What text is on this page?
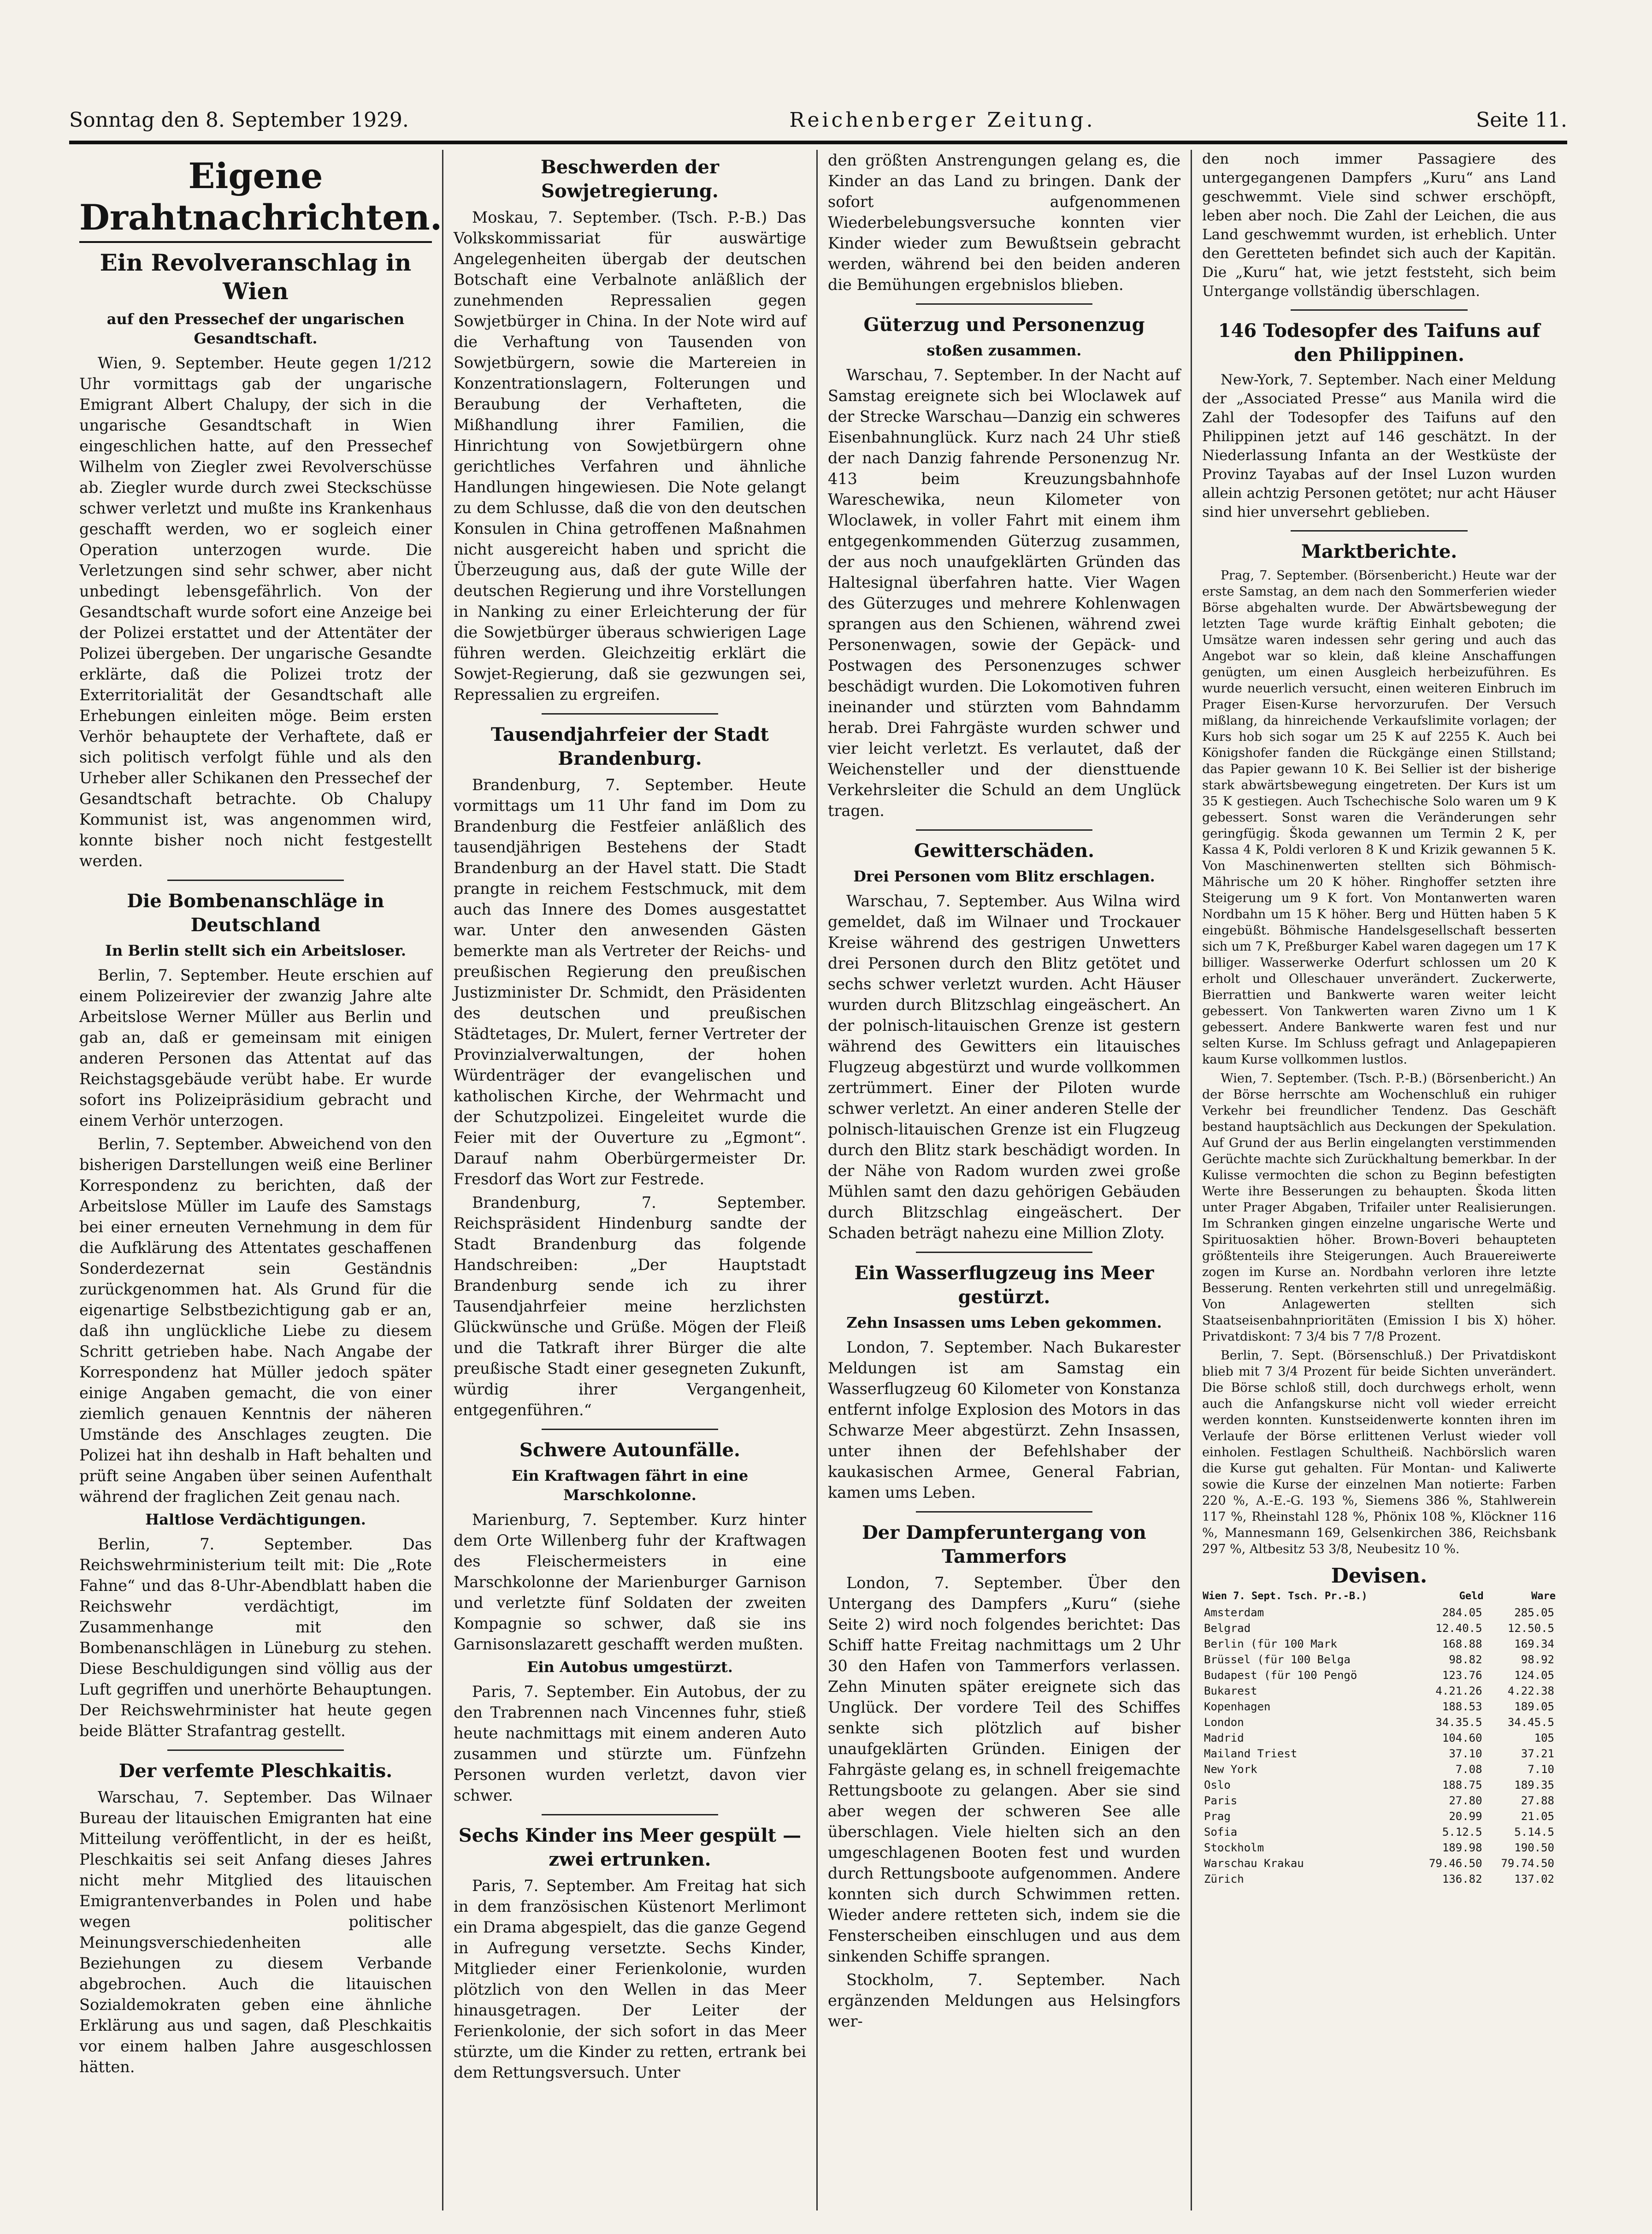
Sonntag den 8. September 1929.	Reichenberger Zeitung.	Seite 11.
Eigene Drahtnachrichten.
Ein Revolveranschlag in Wien
auf den Pressechef der ungarischen Gesandtschaft.

Wien, 9. September. Heute gegen 1/212 Uhr vormittags gab der ungarische Emigrant Albert Chalupy, der sich in die ungarische Gesandtschaft in Wien eingeschlichen hatte, auf den Pressechef Wilhelm von Ziegler zwei Revolverschüsse ab. Ziegler wurde durch zwei Steckschüsse schwer verletzt und mußte ins Krankenhaus geschafft werden, wo er sogleich einer Operation unterzogen wurde. Die Verletzungen sind sehr schwer, aber nicht unbedingt lebensgefährlich. Von der Gesandtschaft wurde sofort eine Anzeige bei der Polizei erstattet und der Attentäter der Polizei übergeben. Der ungarische Gesandte erklärte, daß die Polizei trotz der Exterritorialität der Gesandtschaft alle Erhebungen einleiten möge. Beim ersten Verhör behauptete der Verhaftete, daß er sich politisch verfolgt fühle und als den Urheber aller Schikanen den Pressechef der Gesandtschaft betrachte. Ob Chalupy Kommunist ist, was angenommen wird, konnte bisher noch nicht festgestellt werden.

Die Bombenanschläge in Deutschland
In Berlin stellt sich ein Arbeitsloser.

Berlin, 7. September. Heute erschien auf einem Polizeirevier der zwanzig Jahre alte Arbeitslose Werner Müller aus Berlin und gab an, daß er gemeinsam mit einigen anderen Personen das Attentat auf das Reichstagsgebäude verübt habe. Er wurde sofort ins Polizeipräsidium gebracht und einem Verhör unterzogen.

Berlin, 7. September. Abweichend von den bisherigen Darstellungen weiß eine Berliner Korrespondenz zu berichten, daß der Arbeitslose Müller im Laufe des Samstags bei einer erneuten Vernehmung in dem für die Aufklärung des Attentates geschaffenen Sonderdezernat sein Geständnis zurückgenommen hat. Als Grund für die eigenartige Selbstbezichtigung gab er an, daß ihn unglückliche Liebe zu diesem Schritt getrieben habe. Nach Angabe der Korrespondenz hat Müller jedoch später einige Angaben gemacht, die von einer ziemlich genauen Kenntnis der näheren Umstände des Anschlages zeugten. Die Polizei hat ihn deshalb in Haft behalten und prüft seine Angaben über seinen Aufenthalt während der fraglichen Zeit genau nach.

Haltlose Verdächtigungen.

Berlin, 7. September. Das Reichswehrministerium teilt mit: Die „Rote Fahne“ und das 8-Uhr-Abendblatt haben die Reichswehr verdächtigt, im Zusammenhange mit den Bombenanschlägen in Lüneburg zu stehen. Diese Beschuldigungen sind völlig aus der Luft gegriffen und unerhörte Behauptungen. Der Reichswehrminister hat heute gegen beide Blätter Strafantrag gestellt.

Der verfemte Pleschkaitis.

Warschau, 7. September. Das Wilnaer Bureau der litauischen Emigranten hat eine Mitteilung veröffentlicht, in der es heißt, Pleschkaitis sei seit Anfang dieses Jahres nicht mehr Mitglied des litauischen Emigrantenverbandes in Polen und habe wegen politischer Meinungsverschiedenheiten alle Beziehungen zu diesem Verbande abgebrochen. Auch die litauischen Sozialdemokraten geben eine ähnliche Erklärung aus und sagen, daß Pleschkaitis vor einem halben Jahre ausgeschlossen hätten.

Beschwerden der Sowjetregierung.

Moskau, 7. September. (Tsch. P.-B.) Das Volkskommissariat für auswärtige Angelegenheiten übergab der deutschen Botschaft eine Verbalnote anläßlich der zunehmenden Repressalien gegen Sowjetbürger in China. In der Note wird auf die Verhaftung von Tausenden von Sowjetbürgern, sowie die Martereien in Konzentrationslagern, Folterungen und Beraubung der Verhafteten, die Mißhandlung ihrer Familien, die Hinrichtung von Sowjetbürgern ohne gerichtliches Verfahren und ähnliche Handlungen hingewiesen. Die Note gelangt zu dem Schlusse, daß die von den deutschen Konsulen in China getroffenen Maßnahmen nicht ausgereicht haben und spricht die Überzeugung aus, daß der gute Wille der deutschen Regierung und ihre Vorstellungen in Nanking zu einer Erleichterung der für die Sowjetbürger überaus schwierigen Lage führen werden. Gleichzeitig erklärt die Sowjet-Regierung, daß sie gezwungen sei, Repressalien zu ergreifen.

Tausendjahrfeier der Stadt Brandenburg.

Brandenburg, 7. September. Heute vormittags um 11 Uhr fand im Dom zu Brandenburg die Festfeier anläßlich des tausendjährigen Bestehens der Stadt Brandenburg an der Havel statt. Die Stadt prangte in reichem Festschmuck, mit dem auch das Innere des Domes ausgestattet war. Unter den anwesenden Gästen bemerkte man als Vertreter der Reichs- und preußischen Regierung den preußischen Justizminister Dr. Schmidt, den Präsidenten des deutschen und preußischen Städtetages, Dr. Mulert, ferner Vertreter der Provinzialverwaltungen, der hohen Würdenträger der evangelischen und katholischen Kirche, der Wehrmacht und der Schutzpolizei. Eingeleitet wurde die Feier mit der Ouverture zu „Egmont“. Darauf nahm Oberbürgermeister Dr. Fresdorf das Wort zur Festrede.

Brandenburg, 7. September. Reichspräsident Hindenburg sandte der Stadt Brandenburg das folgende Handschreiben: „Der Hauptstadt Brandenburg sende ich zu ihrer Tausendjahrfeier meine herzlichsten Glückwünsche und Grüße. Mögen der Fleiß und die Tatkraft ihrer Bürger die alte preußische Stadt einer gesegneten Zukunft, würdig ihrer Vergangenheit, entgegenführen.“

Schwere Autounfälle.
Ein Kraftwagen fährt in eine Marschkolonne.

Marienburg, 7. September. Kurz hinter dem Orte Willenberg fuhr der Kraftwagen des Fleischermeisters in eine Marschkolonne der Marienburger Garnison und verletzte fünf Soldaten der zweiten Kompagnie so schwer, daß sie ins Garnisonslazarett geschafft werden mußten.

Ein Autobus umgestürzt.

Paris, 7. September. Ein Autobus, der zu den Trabrennen nach Vincennes fuhr, stieß heute nachmittags mit einem anderen Auto zusammen und stürzte um. Fünfzehn Personen wurden verletzt, davon vier schwer.

Sechs Kinder ins Meer gespült — zwei ertrunken.

Paris, 7. September. Am Freitag hat sich in dem französischen Küstenort Merlimont ein Drama abgespielt, das die ganze Gegend in Aufregung versetzte. Sechs Kinder, Mitglieder einer Ferienkolonie, wurden plötzlich von den Wellen in das Meer hinausgetragen. Der Leiter der Ferienkolonie, der sich sofort in das Meer stürzte, um die Kinder zu retten, ertrank bei dem Rettungsversuch. Unter

den größten Anstrengungen gelang es, die Kinder an das Land zu bringen. Dank der sofort aufgenommenen Wiederbelebungsversuche konnten vier Kinder wieder zum Bewußtsein gebracht werden, während bei den beiden anderen die Bemühungen ergebnislos blieben.

Güterzug und Personenzug
stoßen zusammen.

Warschau, 7. September. In der Nacht auf Samstag ereignete sich bei Wloclawek auf der Strecke Warschau—Danzig ein schweres Eisenbahnunglück. Kurz nach 24 Uhr stieß der nach Danzig fahrende Personenzug Nr. 413 beim Kreuzungsbahnhofe Wareschewika, neun Kilometer von Wloclawek, in voller Fahrt mit einem ihm entgegenkommenden Güterzug zusammen, der aus noch unaufgeklärten Gründen das Haltesignal überfahren hatte. Vier Wagen des Güterzuges und mehrere Kohlenwagen sprangen aus den Schienen, während zwei Personenwagen, sowie der Gepäck- und Postwagen des Personenzuges schwer beschädigt wurden. Die Lokomotiven fuhren ineinander und stürzten vom Bahndamm herab. Drei Fahrgäste wurden schwer und vier leicht verletzt. Es verlautet, daß der Weichensteller und der diensttuende Verkehrsleiter die Schuld an dem Unglück tragen.

Gewitterschäden.
Drei Personen vom Blitz erschlagen.

Warschau, 7. September. Aus Wilna wird gemeldet, daß im Wilnaer und Trockauer Kreise während des gestrigen Unwetters drei Personen durch den Blitz getötet und sechs schwer verletzt wurden. Acht Häuser wurden durch Blitzschlag eingeäschert. An der polnisch-litauischen Grenze ist gestern während des Gewitters ein litauisches Flugzeug abgestürzt und wurde vollkommen zertrümmert. Einer der Piloten wurde schwer verletzt. An einer anderen Stelle der polnisch-litauischen Grenze ist ein Flugzeug durch den Blitz stark beschädigt worden. In der Nähe von Radom wurden zwei große Mühlen samt den dazu gehörigen Gebäuden durch Blitzschlag eingeäschert. Der Schaden beträgt nahezu eine Million Zloty.

Ein Wasserflugzeug ins Meer gestürzt.
Zehn Insassen ums Leben gekommen.

London, 7. September. Nach Bukarester Meldungen ist am Samstag ein Wasserflugzeug 60 Kilometer von Konstanza entfernt infolge Explosion des Motors in das Schwarze Meer abgestürzt. Zehn Insassen, unter ihnen der Befehlshaber der kaukasischen Armee, General Fabrian, kamen ums Leben.

Der Dampferuntergang von Tammerfors

London, 7. September. Über den Untergang des Dampfers „Kuru“ (siehe Seite 2) wird noch folgendes berichtet: Das Schiff hatte Freitag nachmittags um 2 Uhr 30 den Hafen von Tammerfors verlassen. Zehn Minuten später ereignete sich das Unglück. Der vordere Teil des Schiffes senkte sich plötzlich auf bisher unaufgeklärten Gründen. Einigen der Fahrgäste gelang es, in schnell freigemachte Rettungsboote zu gelangen. Aber sie sind aber wegen der schweren See alle überschlagen. Viele hielten sich an den umgeschlagenen Booten fest und wurden durch Rettungsboote aufgenommen. Andere konnten sich durch Schwimmen retten. Wieder andere retteten sich, indem sie die Fensterscheiben einschlugen und aus dem sinkenden Schiffe sprangen.

Stockholm, 7. September. Nach ergänzenden Meldungen aus Helsingfors wer-

den noch immer Passagiere des untergegangenen Dampfers „Kuru“ ans Land geschwemmt. Viele sind schwer erschöpft, leben aber noch. Die Zahl der Leichen, die aus Land geschwemmt wurden, ist erheblich. Unter den Geretteten befindet sich auch der Kapitän. Die „Kuru“ hat, wie jetzt feststeht, sich beim Untergange vollständig überschlagen.

146 Todesopfer des Taifuns auf den Philippinen.

New-York, 7. September. Nach einer Meldung der „Associated Presse“ aus Manila wird die Zahl der Todesopfer des Taifuns auf den Philippinen jetzt auf 146 geschätzt. In der Niederlassung Infanta an der Westküste der Provinz Tayabas auf der Insel Luzon wurden allein achtzig Personen getötet; nur acht Häuser sind hier unversehrt geblieben.

Marktberichte.

Prag, 7. September. (Börsenbericht.) Heute war der erste Samstag, an dem nach den Sommerferien wieder Börse abgehalten wurde. Der Abwärtsbewegung der letzten Tage wurde kräftig Einhalt geboten; die Umsätze waren indessen sehr gering und auch das Angebot war so klein, daß kleine Anschaffungen genügten, um einen Ausgleich herbeizuführen. Es wurde neuerlich versucht, einen weiteren Einbruch im Prager Eisen-Kurse hervorzurufen. Der Versuch mißlang, da hinreichende Verkaufslimite vorlagen; der Kurs hob sich sogar um 25 K auf 2255 K. Auch bei Königshofer fanden die Rückgänge einen Stillstand; das Papier gewann 10 K. Bei Sellier ist der bisherige stark abwärtsbewegung eingetreten. Der Kurs ist um 35 K gestiegen. Auch Tschechische Solo waren um 9 K gebessert. Sonst waren die Veränderungen sehr geringfügig. Škoda gewannen um Termin 2 K, per Kassa 4 K, Poldi verloren 8 K und Krizik gewannen 5 K. Von Maschinenwerten stellten sich Böhmisch-Mährische um 20 K höher. Ringhoffer setzten ihre Steigerung um 9 K fort. Von Montanwerten waren Nordbahn um 15 K höher. Berg und Hütten haben 5 K eingebüßt. Böhmische Handelsgesellschaft besserten sich um 7 K, Preßburger Kabel waren dagegen um 17 K billiger. Wasserwerke Oderfurt schlossen um 20 K erholt und Olleschauer unverändert. Zuckerwerte, Bierrattien und Bankwerte waren weiter leicht gebessert. Von Tankwerten waren Zivno um 1 K gebessert. Andere Bankwerte waren fest und nur selten Kurse. Im Schluss gefragt und Anlagepapieren kaum Kurse vollkommen lustlos.

Wien, 7. September. (Tsch. P.-B.) (Börsenbericht.) An der Börse herrschte am Wochenschluß ein ruhiger Verkehr bei freundlicher Tendenz. Das Geschäft bestand hauptsächlich aus Deckungen der Spekulation. Auf Grund der aus Berlin eingelangten verstimmenden Gerüchte machte sich Zurückhaltung bemerkbar. In der Kulisse vermochten die schon zu Beginn befestigten Werte ihre Besserungen zu behaupten. Škoda litten unter Prager Abgaben, Trifailer unter Realisierungen. Im Schranken gingen einzelne ungarische Werte und Spirituosaktien höher. Brown-Boveri behaupteten größtenteils ihre Steigerungen. Auch Brauereiwerte zogen im Kurse an. Nordbahn verloren ihre letzte Besserung. Renten verkehrten still und unregelmäßig. Von Anlagewerten stellten sich Staatseisenbahnprioritäten (Emission I bis X) höher. Privatdiskont: 7 3/4 bis 7 7/8 Prozent.

Berlin, 7. Sept. (Börsenschluß.) Der Privatdiskont blieb mit 7 3/4 Prozent für beide Sichten unverändert. Die Börse schloß still, doch durchwegs erholt, wenn auch die Anfangskurse nicht voll wieder erreicht werden konnten. Kunstseidenwerte konnten ihren im Verlaufe der Börse erlittenen Verlust wieder voll einholen. Festlagen Schultheiß. Nachbörslich waren die Kurse gut gehalten. Für Montan- und Kaliwerte sowie die Kurse der einzelnen Man notierte: Farben 220 %, A.-E.-G. 193 %, Siemens 386 %, Stahlwerein 117 %, Rheinstahl 128 %, Phönix 108 %, Klöckner 116 %, Mannesmann 169, Gelsenkirchen 386, Reichsbank 297 %, Altbesitz 53 3/8, Neubesitz 10 %.

Devisen.
Wien 7. Sept. Tsch. Pr.-B.)	Geld	Ware
Amsterdam	284.05	285.05
Belgrad	12.40.5	12.50.5
Berlin (für 100 Mark	168.88	169.34
Brüssel (für 100 Belga	98.82	98.92
Budapest (für 100 Pengö	123.76	124.05
Bukarest	4.21.26	4.22.38
Kopenhagen	188.53	189.05
London	34.35.5	34.45.5
Madrid	104.60	105
Mailand Triest	37.10	37.21
New York	7.08	7.10
Oslo	188.75	189.35
Paris	27.80	27.88
Prag	20.99	21.05
Sofia	5.12.5	5.14.5
Stockholm	189.98	190.50
Warschau Krakau	79.46.50	79.74.50
Zürich	136.82	137.02
